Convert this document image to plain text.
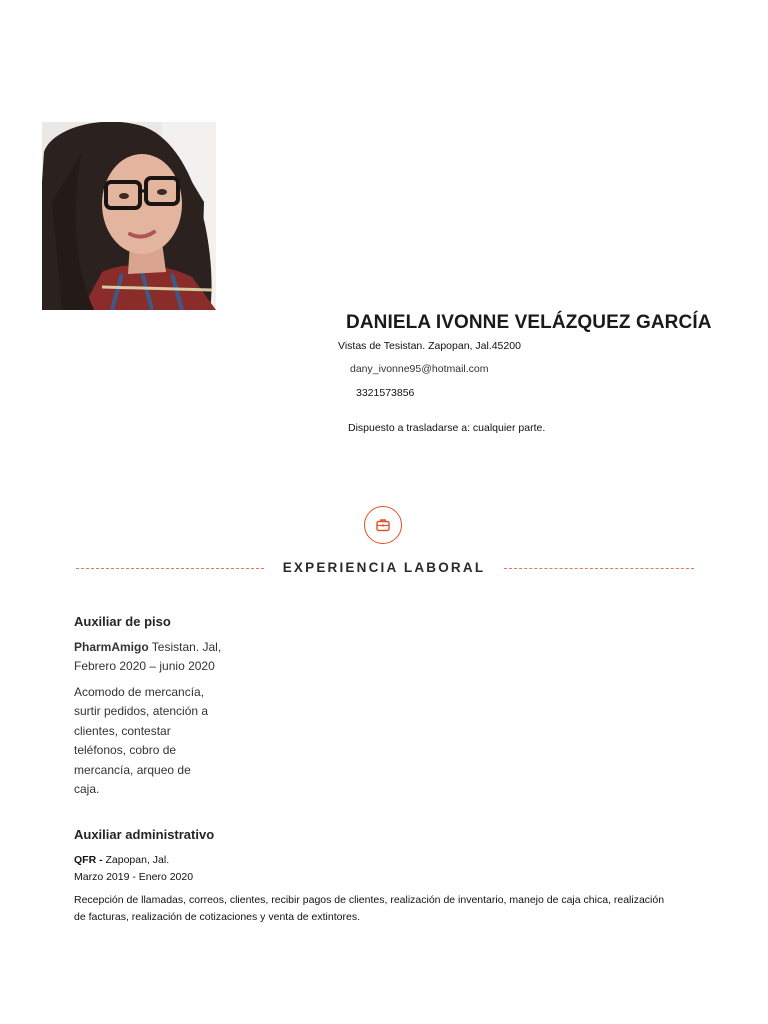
DANIELA IVONNE VELÁZQUEZ GARCÍA
Vistas de Tesistan. Zapopan, Jal.45200
dany_ivonne95@hotmail.com
3321573856
Dispuesto a trasladarse a: cualquier parte.
EXPERIENCIA LABORAL
Auxiliar de piso
PharmAmigo Tesistan. Jal,
Febrero 2020 – junio 2020
Acomodo de mercancía, surtir pedidos, atención a clientes, contestar teléfonos, cobro de mercancía, arqueo de caja.
Auxiliar administrativo
QFR - Zapopan, Jal.
Marzo 2019 - Enero 2020
Recepción de llamadas, correos, clientes, recibir pagos de clientes, realización de inventario, manejo de caja chica, realización de facturas, realización de cotizaciones y venta de extintores.
